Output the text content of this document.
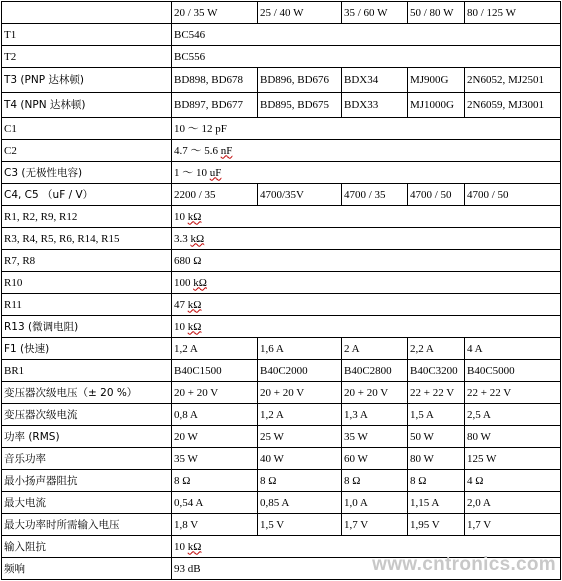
	20 / 35 W	25 / 40 W	35 / 60 W	50 / 80 W	80 / 125 W
T1	BC546				
T2	BC556				
T3 (PNP 达林顿)	BD898, BD678	BD896, BD676	BDX34	MJ900G	2N6052, MJ2501
T4 (NPN 达林顿)	BD897, BD677	BD895, BD675	BDX33	MJ1000G	2N6059, MJ3001
C1	10 ～ 12 pF				
C2	4.7 ～ 5.6 nF				
C3 (无极性电容)	1 ～ 10 uF				
C4, C5 （uF / V）	2200 / 35	4700/35V	4700 / 35	4700 / 50	4700 / 50
R1, R2, R9, R12	10 kΩ				
R3, R4, R5, R6, R14, R15	3.3 kΩ				
R7, R8	680 Ω				
R10	100 kΩ				
R11	47 kΩ				
R13 (微调电阻)	10 kΩ				
F1 (快速)	1,2 A	1,6 A	2 A	2,2 A	4 A
BR1	B40C1500	B40C2000	B40C2800	B40C3200	B40C5000
变压器次级电压（± 20 %）	20 + 20 V	20 + 20 V	20 + 20 V	22 + 22 V	22 + 22 V
变压器次级电流	0,8 A	1,2 A	1,3 A	1,5 A	2,5 A
功率 (RMS)	20 W	25 W	35 W	50 W	80 W
音乐功率	35 W	40 W	60 W	80 W	125 W
最小扬声器阻抗	8 Ω	8 Ω	8 Ω	8 Ω	4 Ω
最大电流	0,54 A	0,85 A	1,0 A	1,15 A	2,0 A
最大功率时所需输入电压	1,8 V	1,5 V	1,7 V	1,95 V	1,7 V
输入阻抗	10 kΩ				
频响	93 dB					www.cntronics.com
